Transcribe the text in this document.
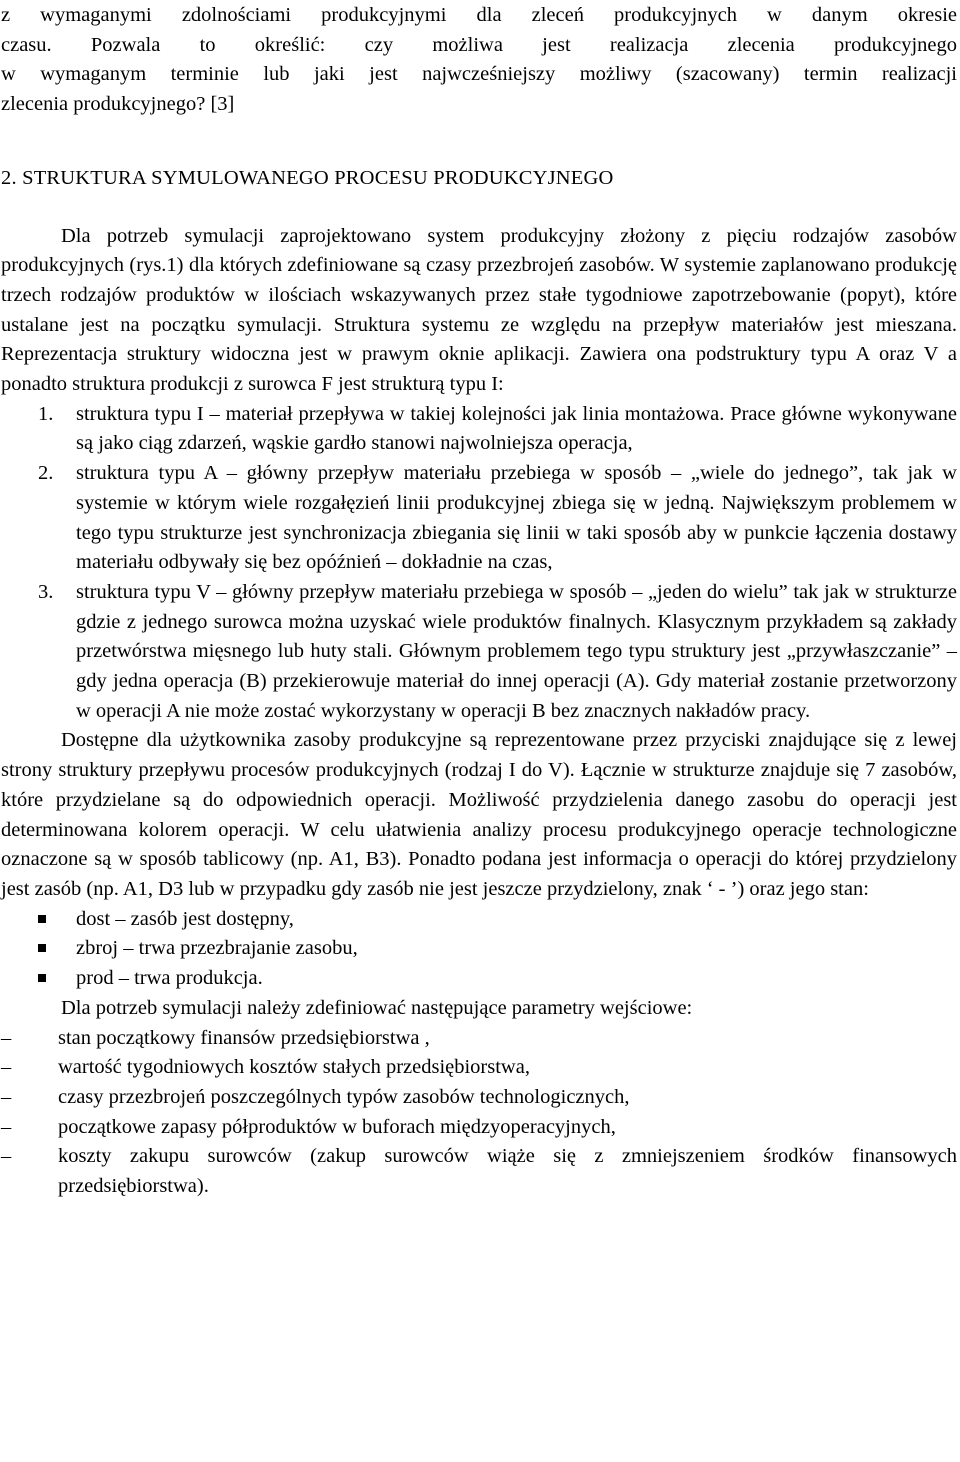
z wymaganymi zdolnościami produkcyjnymi dla zleceń produkcyjnych w danym okresie
czasu. Pozwala to określić: czy możliwa jest realizacja zlecenia produkcyjnego
w wymaganym terminie lub jaki jest najwcześniejszy możliwy (szacowany) termin realizacji
zlecenia produkcyjnego? [3]
2. STRUKTURA SYMULOWANEGO PROCESU PRODUKCYJNEGO

Dla potrzeb symulacji zaprojektowano system produkcyjny złożony z pięciu rodzajów zasobów produkcyjnych (rys.1) dla których zdefiniowane są czasy przezbrojeń zasobów. W systemie zaplanowano produkcję trzech rodzajów produktów w ilościach wskazywanych przez stałe tygodniowe zapotrzebowanie (popyt), które ustalane jest na początku symulacji. Struktura systemu ze względu na przepływ materiałów jest mieszana. Reprezentacja struktury widoczna jest w prawym oknie aplikacji. Zawiera ona podstruktury typu A oraz V a ponadto struktura produkcji z surowca F jest strukturą typu I:

1. struktura typu I – materiał przepływa w takiej kolejności jak linia montażowa. Prace główne wykonywane są jako ciąg zdarzeń, wąskie gardło stanowi najwolniejsza operacja,
2. struktura typu A – główny przepływ materiału przebiega w sposób – „wiele do jednego”, tak jak w systemie w którym wiele rozgałęzień linii produkcyjnej zbiega się w jedną. Największym problemem w tego typu strukturze jest synchronizacja zbiegania się linii w taki sposób aby w punkcie łączenia dostawy materiału odbywały się bez opóźnień – dokładnie na czas,
3. struktura typu V – główny przepływ materiału przebiega w sposób – „jeden do wielu” tak jak w strukturze gdzie z jednego surowca można uzyskać wiele produktów finalnych. Klasycznym przykładem są zakłady przetwórstwa mięsnego lub huty stali. Głównym problemem tego typu struktury jest „przywłaszczanie” – gdy jedna operacja (B) przekierowuje materiał do innej operacji (A). Gdy materiał zostanie przetworzony w operacji A nie może zostać wykorzystany w operacji B bez znacznych nakładów pracy.

Dostępne dla użytkownika zasoby produkcyjne są reprezentowane przez przyciski znajdujące się z lewej strony struktury przepływu procesów produkcyjnych (rodzaj I do V). Łącznie w strukturze znajduje się 7 zasobów, które przydzielane są do odpowiednich operacji. Możliwość przydzielenia danego zasobu do operacji jest determinowana kolorem operacji. W celu ułatwienia analizy procesu produkcyjnego operacje technologiczne oznaczone są w sposób tablicowy (np. A1, B3). Ponadto podana jest informacja o operacji do której przydzielony jest zasób (np. A1, D3 lub w przypadku gdy zasób nie jest jeszcze przydzielony, znak ‘ - ’) oraz jego stan:

dost – zasób jest dostępny,
zbroj – trwa przezbrajanie zasobu,
prod – trwa produkcja.

Dla potrzeb symulacji należy zdefiniować następujące parametry wejściowe:

– stan początkowy finansów przedsiębiorstwa ,
– wartość tygodniowych kosztów stałych przedsiębiorstwa,
– czasy przezbrojeń poszczególnych typów zasobów technologicznych,
– początkowe zapasy półproduktów w buforach międzyoperacyjnych,
– koszty zakupu surowców (zakup surowców wiąże się z zmniejszeniem środków finansowych przedsiębiorstwa).
